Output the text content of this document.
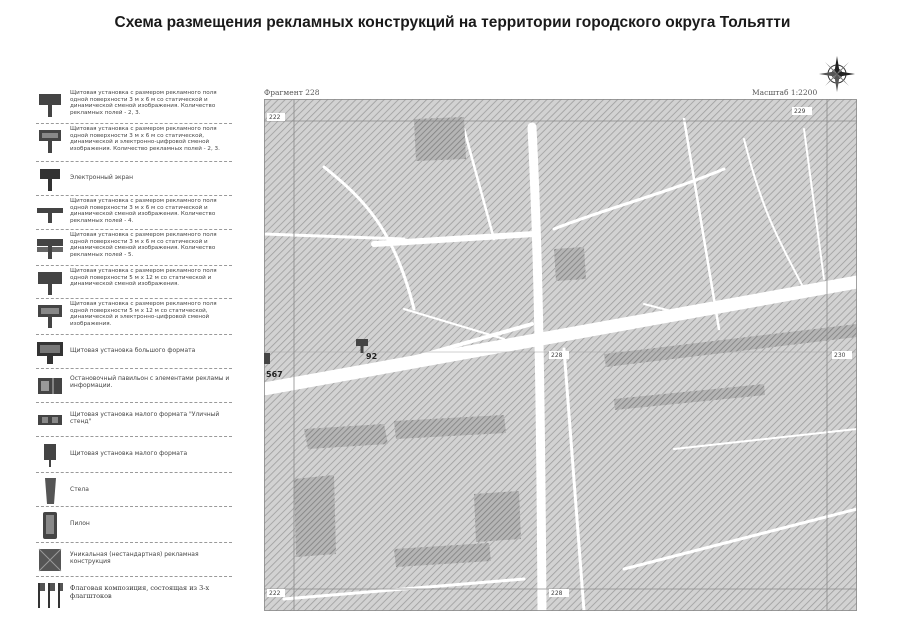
Схема размещения рекламных конструкций на территории городского округа Тольятти
Щитовая установка с размером рекламного поля одной поверхности 3 м х 6 м со статической и динамической сменой изображения. Количество рекламных полей - 2, 3.
Щитовая установка с размером рекламного поля одной поверхности 3 м х 6 м со статической, динамической и электронно-цифровой сменой изображения. Количество рекламных полей - 2, 3.
Электронный экран
Щитовая установка с размером рекламного поля одной поверхности 3 м х 6 м со статической и динамической сменой изображения. Количество рекламных полей - 4.
Щитовая установка с размером рекламного поля одной поверхности 3 м х 6 м со статической и динамической сменой изображения. Количество рекламных полей - 5.
Щитовая установка с размером рекламного поля одной поверхности 5 м х 12 м со статической и динамической сменой изображения.
Щитовая установка с размером рекламного поля одной поверхности 5 м х 12 м со статической, динамической и электронно-цифровой сменой изображения.
Щитовая установка большого формата
Остановочный павильон с элементами рекламы и информации.
Щитовая установка малого формата "Уличный стенд"
Щитовая установка малого формата
Стела
Пилон
Уникальная (нестандартная) рекламная конструкция
Флаговая композиция, состоящая из 3-х флагштоков
Фрагмент 228	Масштаб 1:2200
222
229
228	230
222	228
92
567
